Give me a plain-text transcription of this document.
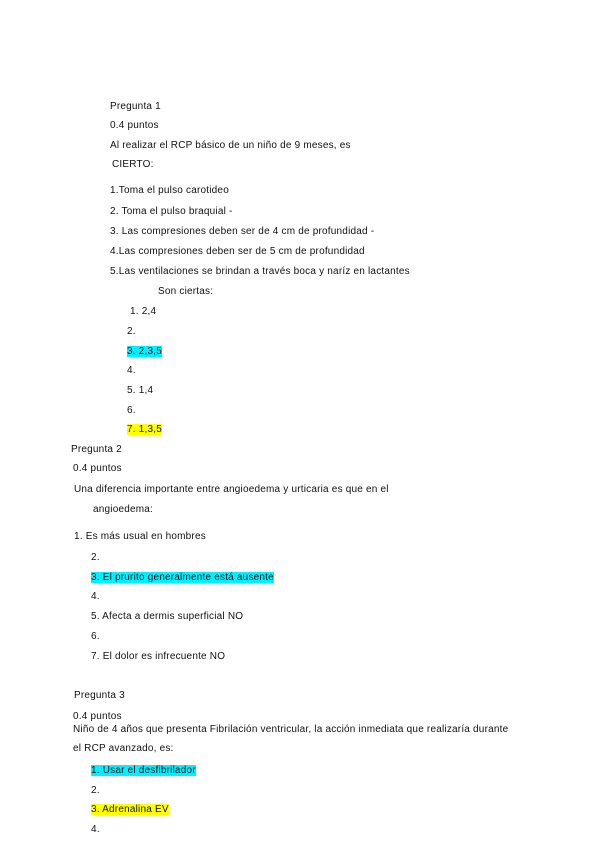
Pregunta 1
0.4 puntos
Al realizar el RCP básico de un niño de 9 meses, es
CIERTO:
1.Toma el pulso carotideo
2. Toma el pulso braquial -
3. Las compresiones deben ser de 4 cm de profundidad -
4.Las compresiones deben ser de 5 cm de profundidad
5.Las ventilaciones se brindan a través boca y naríz en lactantes
Son ciertas:
1. 2,4
2.
3. 2,3,5
4.
5. 1,4
6.
7. 1,3,5
Pregunta 2
0.4 puntos
Una diferencia importante entre angioedema y urticaria es que en el
angioedema:
1. Es más usual en hombres
2.
3. El prurito generalmente está ausente
4.
5. Afecta a dermis superficial NO
6.
7. El dolor es infrecuente NO
Pregunta 3
0.4 puntos
Niño de 4 años que presenta Fibrilación ventricular, la acción inmediata que realizaría durante
el RCP avanzado, es:
1. Usar el desfibrilador
2.
3. Adrenalina EV
4.
